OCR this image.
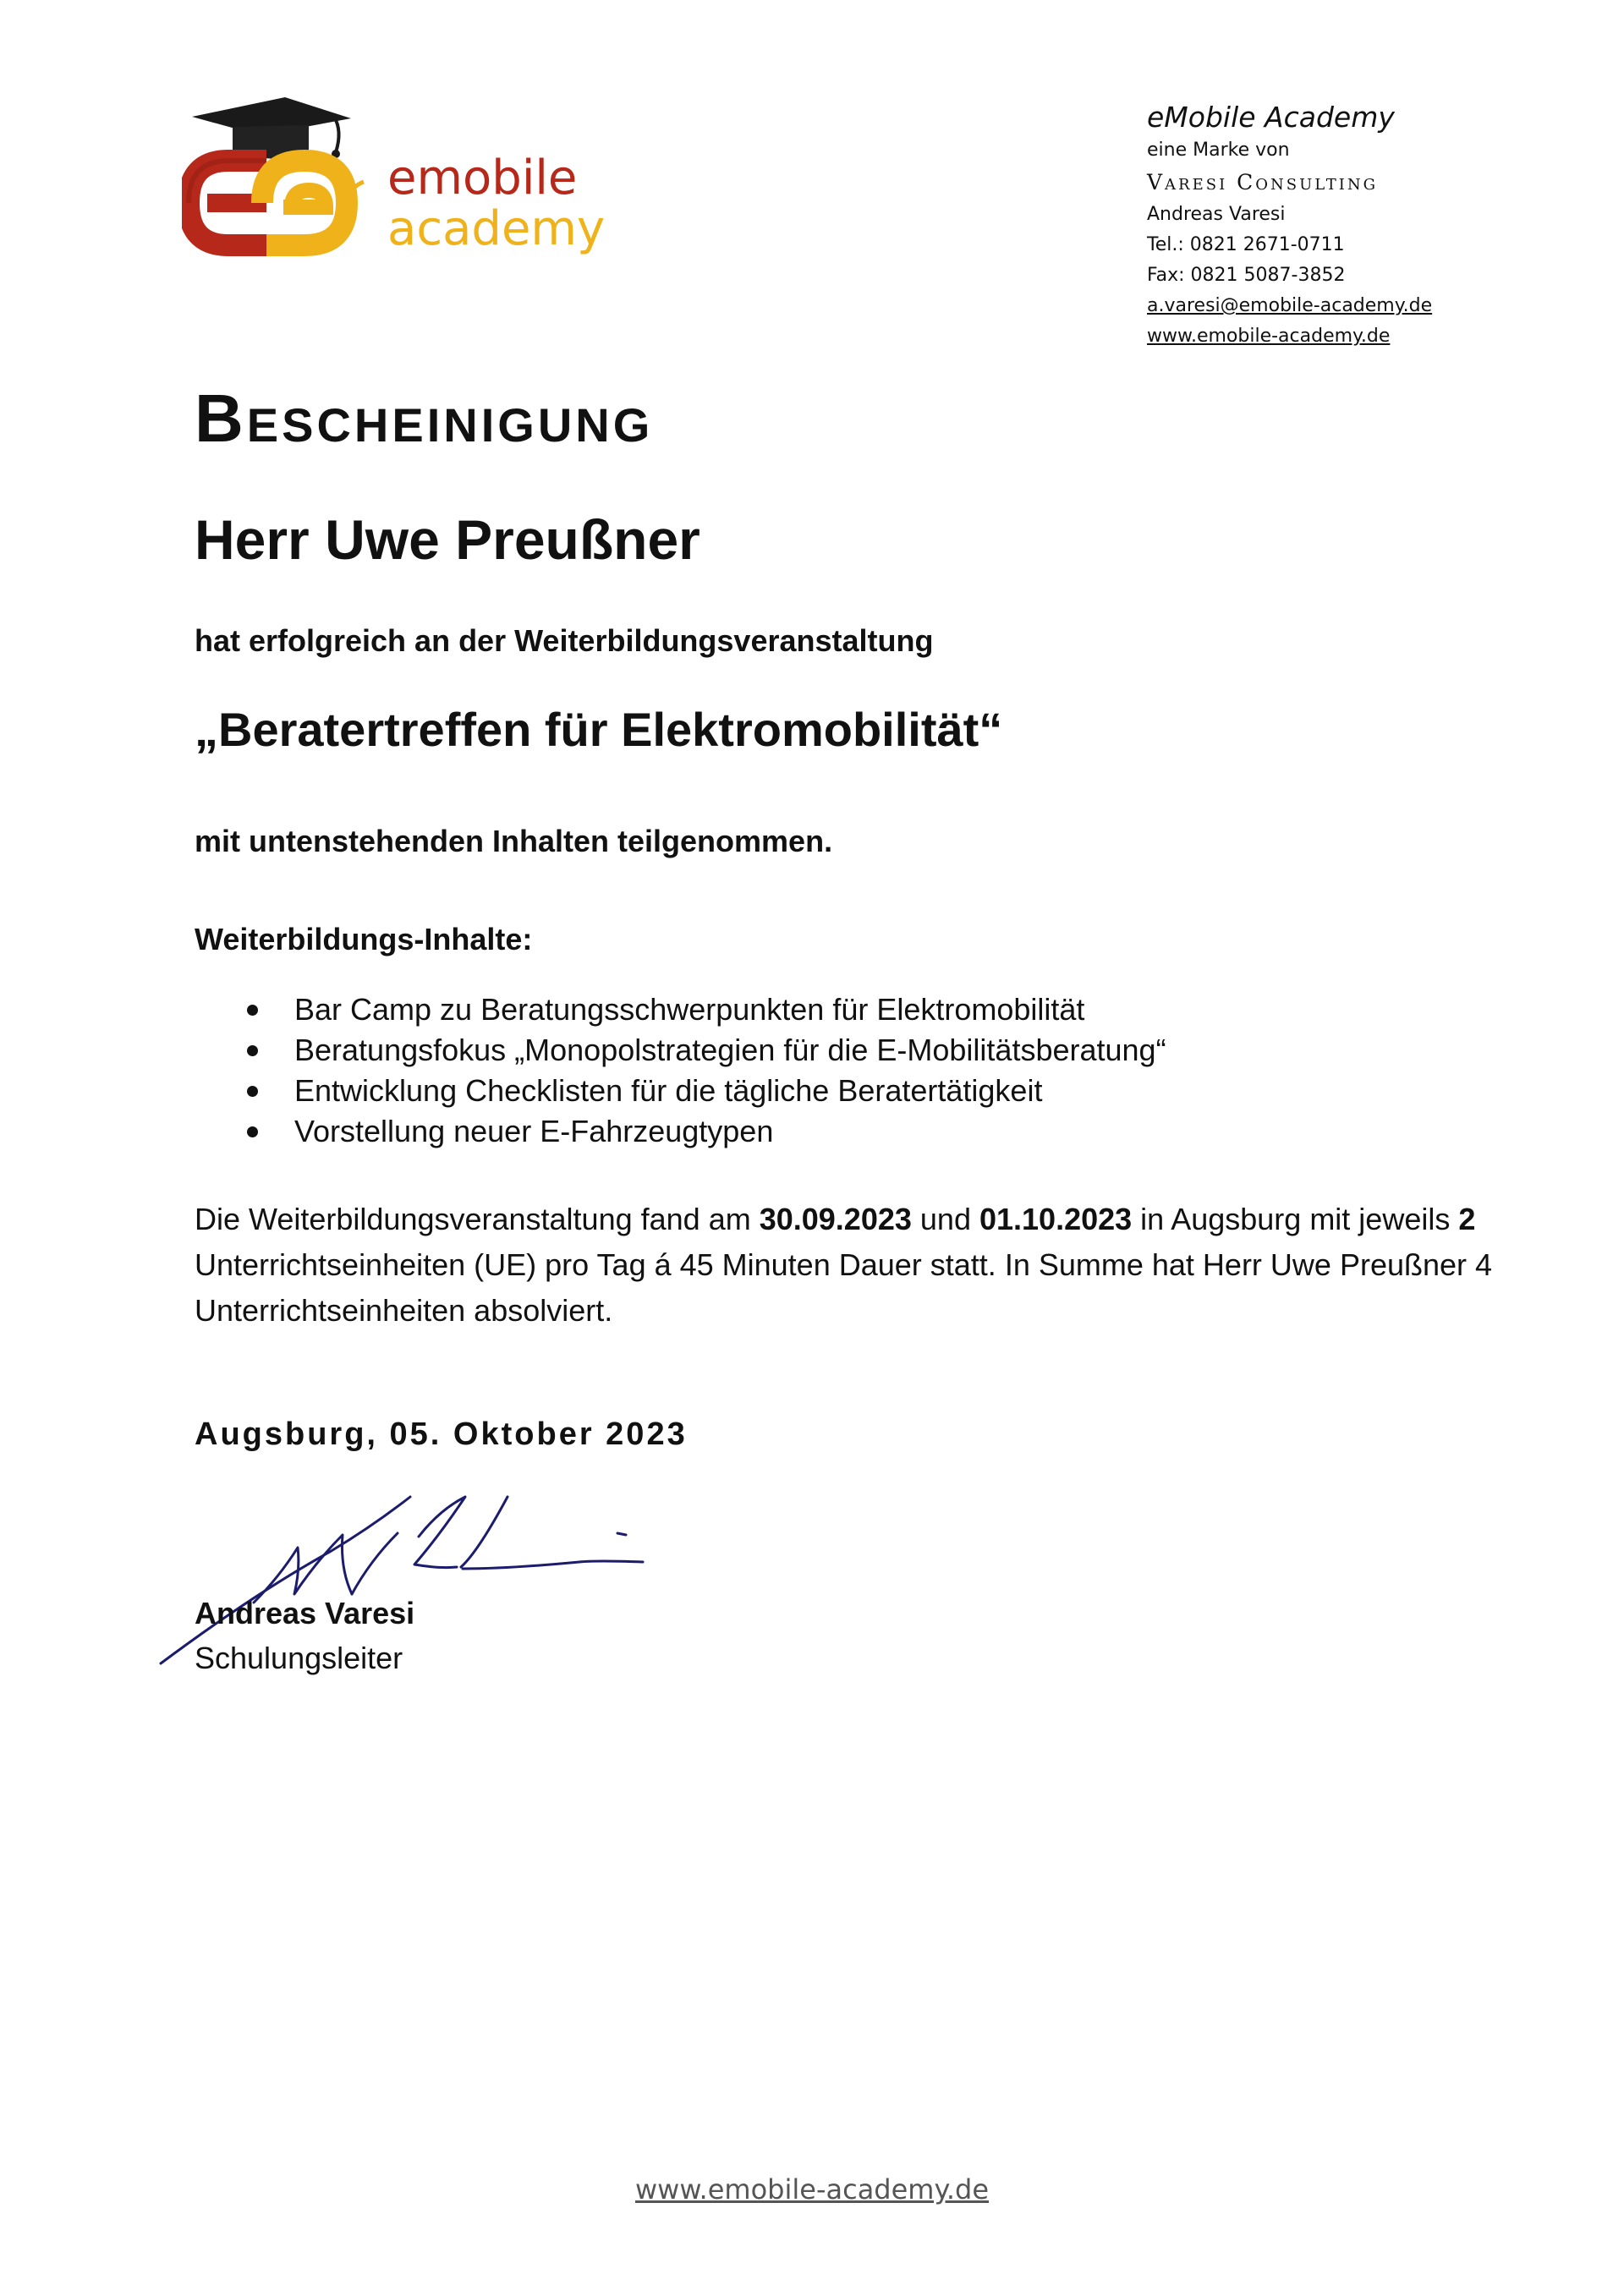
emobile
academy
eMobile Academy
eine Marke von
Varesi Consulting
Andreas Varesi
Tel.: 0821 2671-0711
Fax: 0821 5087-3852
a.varesi@emobile-academy.de
www.emobile-academy.de
Bescheinigung
Herr Uwe Preußner
hat erfolgreich an der Weiterbildungsveranstaltung
„Beratertreffen für Elektromobilität“
mit untenstehenden Inhalten teilgenommen.
Weiterbildungs-Inhalte:
Bar Camp zu Beratungsschwerpunkten für Elektromobilität
Beratungsfokus „Monopolstrategien für die E-Mobilitätsberatung“
Entwicklung Checklisten für die tägliche Beratertätigkeit
Vorstellung neuer E-Fahrzeugtypen
Die Weiterbildungsveranstaltung fand am 30.09.2023 und 01.10.2023 in Augsburg mit jeweils 2 Unterrichtseinheiten (UE) pro Tag á 45 Minuten Dauer statt. In Summe hat Herr Uwe Preußner 4 Unterrichtseinheiten absolviert.
Augsburg, 05. Oktober 2023
Andreas Varesi
Schulungsleiter
www.emobile-academy.de
